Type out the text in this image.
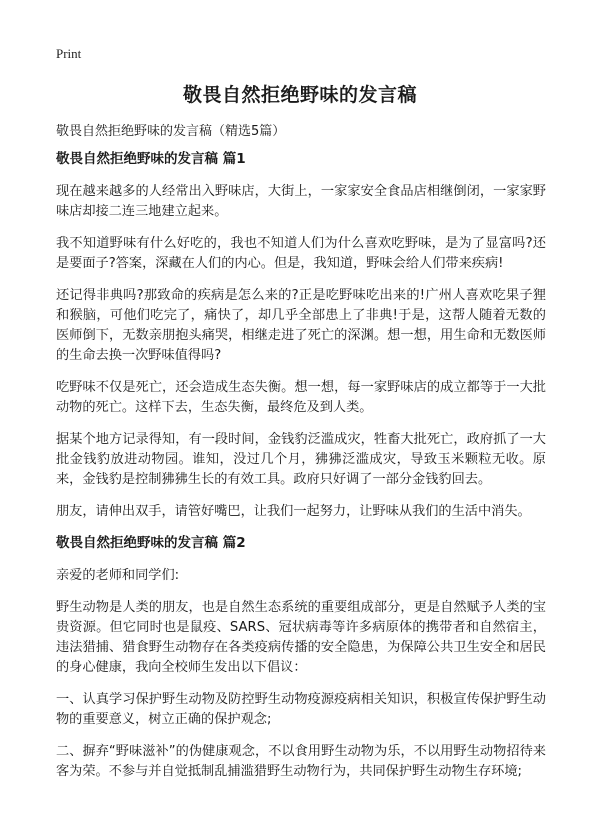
Print
敬畏自然拒绝野味的发言稿
敬畏自然拒绝野味的发言稿（精选5篇）
敬畏自然拒绝野味的发言稿 篇1

现在越来越多的人经常出入野味店，大街上，一家家安全食品店相继倒闭，一家家野味店却接二连三地建立起来。

我不知道野味有什么好吃的，我也不知道人们为什么喜欢吃野味，是为了显富吗?还是要面子?答案，深藏在人们的内心。但是，我知道，野味会给人们带来疾病!

还记得非典吗?那致命的疾病是怎么来的?正是吃野味吃出来的!广州人喜欢吃果子狸和猴脑，可他们吃完了，痛快了，却几乎全部患上了非典!于是，这帮人随着无数的医师倒下，无数亲朋抱头痛哭，相继走进了死亡的深渊。想一想，用生命和无数医师的生命去换一次野味值得吗?

吃野味不仅是死亡，还会造成生态失衡。想一想，每一家野味店的成立都等于一大批动物的死亡。这样下去，生态失衡，最终危及到人类。

据某个地方记录得知，有一段时间，金钱豹泛滥成灾，牲畜大批死亡，政府抓了一大批金钱豹放进动物园。谁知，没过几个月，狒狒泛滥成灾，导致玉米颗粒无收。原来，金钱豹是控制狒狒生长的有效工具。政府只好调了一部分金钱豹回去。

朋友，请伸出双手，请管好嘴巴，让我们一起努力，让野味从我们的生活中消失。

敬畏自然拒绝野味的发言稿 篇2

亲爱的老师和同学们:

野生动物是人类的朋友，也是自然生态系统的重要组成部分，更是自然赋予人类的宝贵资源。但它同时也是鼠疫、SARS、冠状病毒等许多病原体的携带者和自然宿主，违法猎捕、猎食野生动物存在各类疫病传播的安全隐患，为保障公共卫生安全和居民的身心健康，我向全校师生发出以下倡议：

一、认真学习保护野生动物及防控野生动物疫源疫病相关知识，积极宣传保护野生动物的重要意义，树立正确的保护观念;

二、摒弃“野味滋补”的伪健康观念，不以食用野生动物为乐，不以用野生动物招待来客为荣。不参与并自觉抵制乱捕滥猎野生动物行为，共同保护野生动物生存环境;
